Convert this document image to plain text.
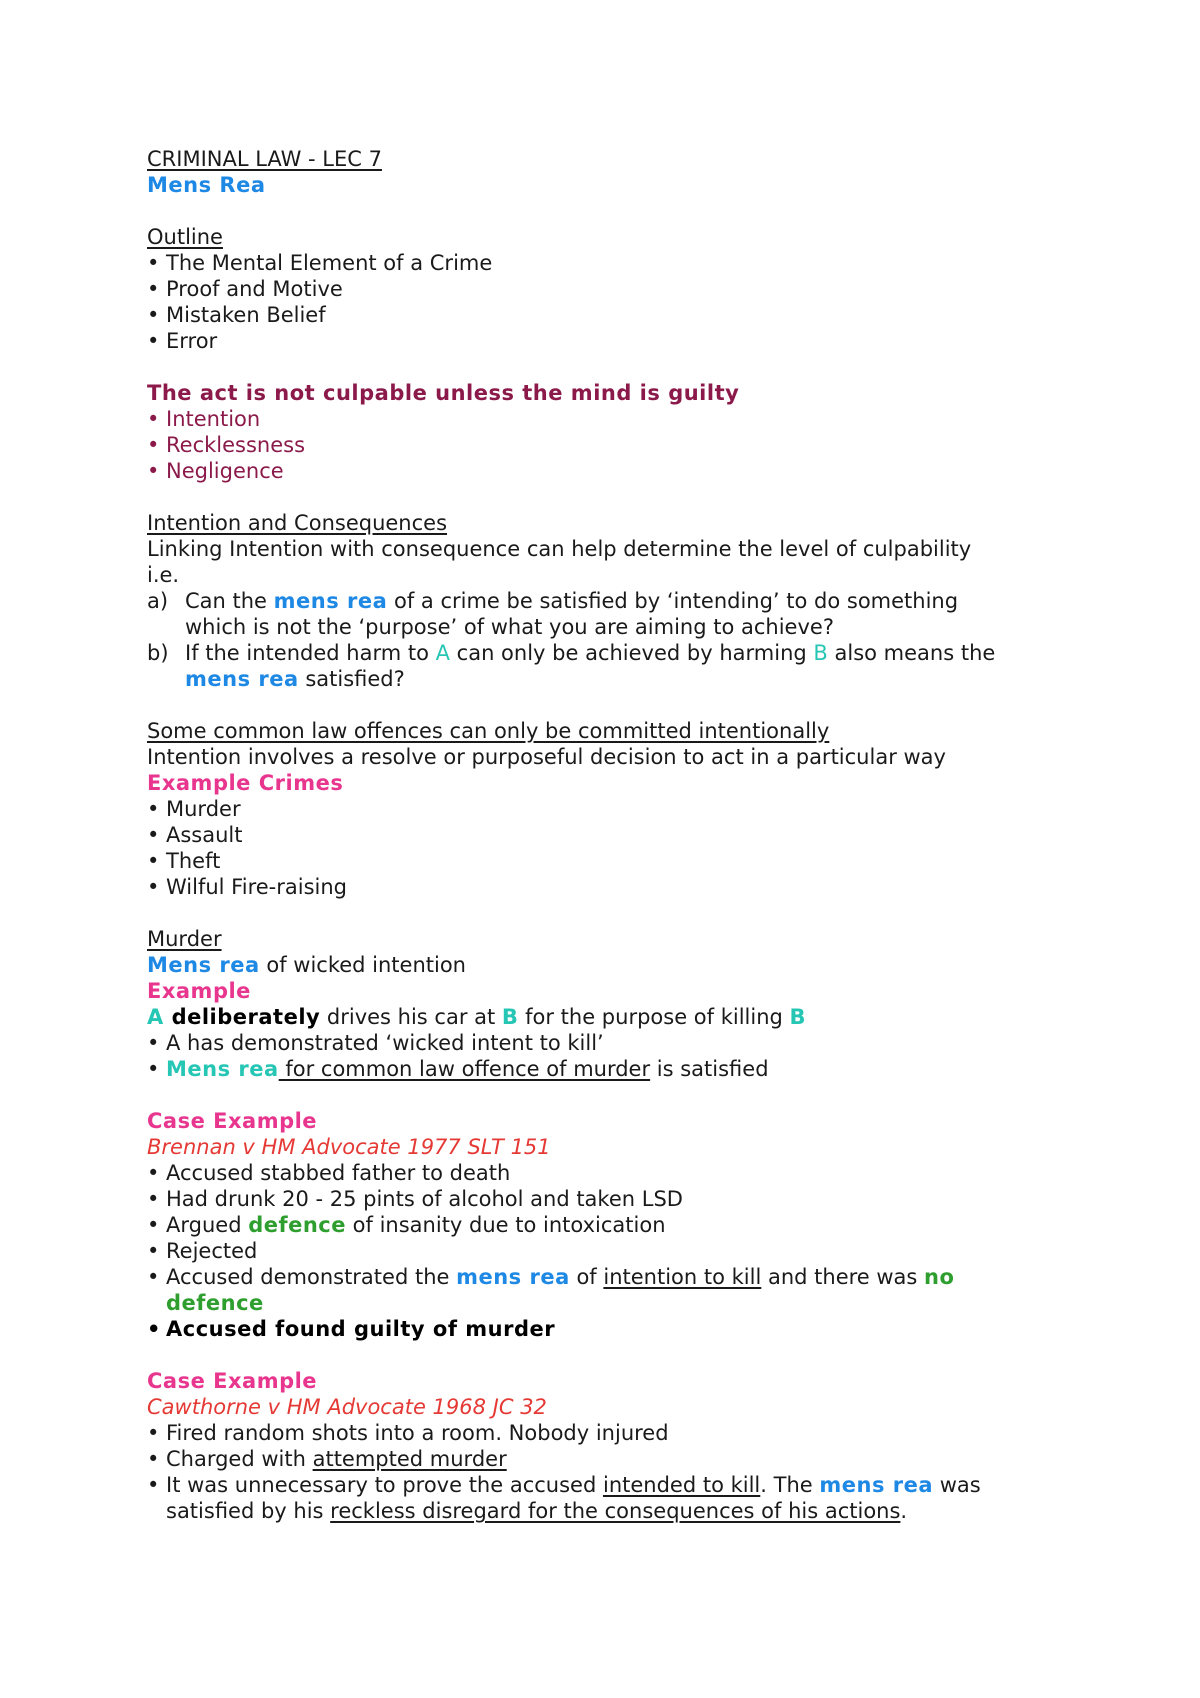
CRIMINAL LAW - LEC 7
Mens Rea
Outline
• The Mental Element of a Crime
• Proof and Motive
• Mistaken Belief
• Error
The act is not culpable unless the mind is guilty
• Intention
• Recklessness
• Negligence
Intention and Consequences
Linking Intention with consequence can help determine the level of culpability
i.e.
a) Can the mens rea of a crime be satisfied by ‘intending’ to do something
which is not the ‘purpose’ of what you are aiming to achieve?
b) If the intended harm to A can only be achieved by harming B also means the
mens rea satisfied?
Some common law offences can only be committed intentionally
Intention involves a resolve or purposeful decision to act in a particular way
Example Crimes
• Murder
• Assault
• Theft
• Wilful Fire-raising
Murder
Mens rea of wicked intention
Example
A deliberately drives his car at B for the purpose of killing B
• A has demonstrated ‘wicked intent to kill’
• Mens rea for common law offence of murder is satisfied
Case Example
Brennan v HM Advocate 1977 SLT 151
• Accused stabbed father to death
• Had drunk 20 - 25 pints of alcohol and taken LSD
• Argued defence of insanity due to intoxication
• Rejected
• Accused demonstrated the mens rea of intention to kill and there was no
defence
• Accused found guilty of murder
Case Example
Cawthorne v HM Advocate 1968 JC 32
• Fired random shots into a room. Nobody injured
• Charged with attempted murder
• It was unnecessary to prove the accused intended to kill. The mens rea was
satisfied by his reckless disregard for the consequences of his actions.
